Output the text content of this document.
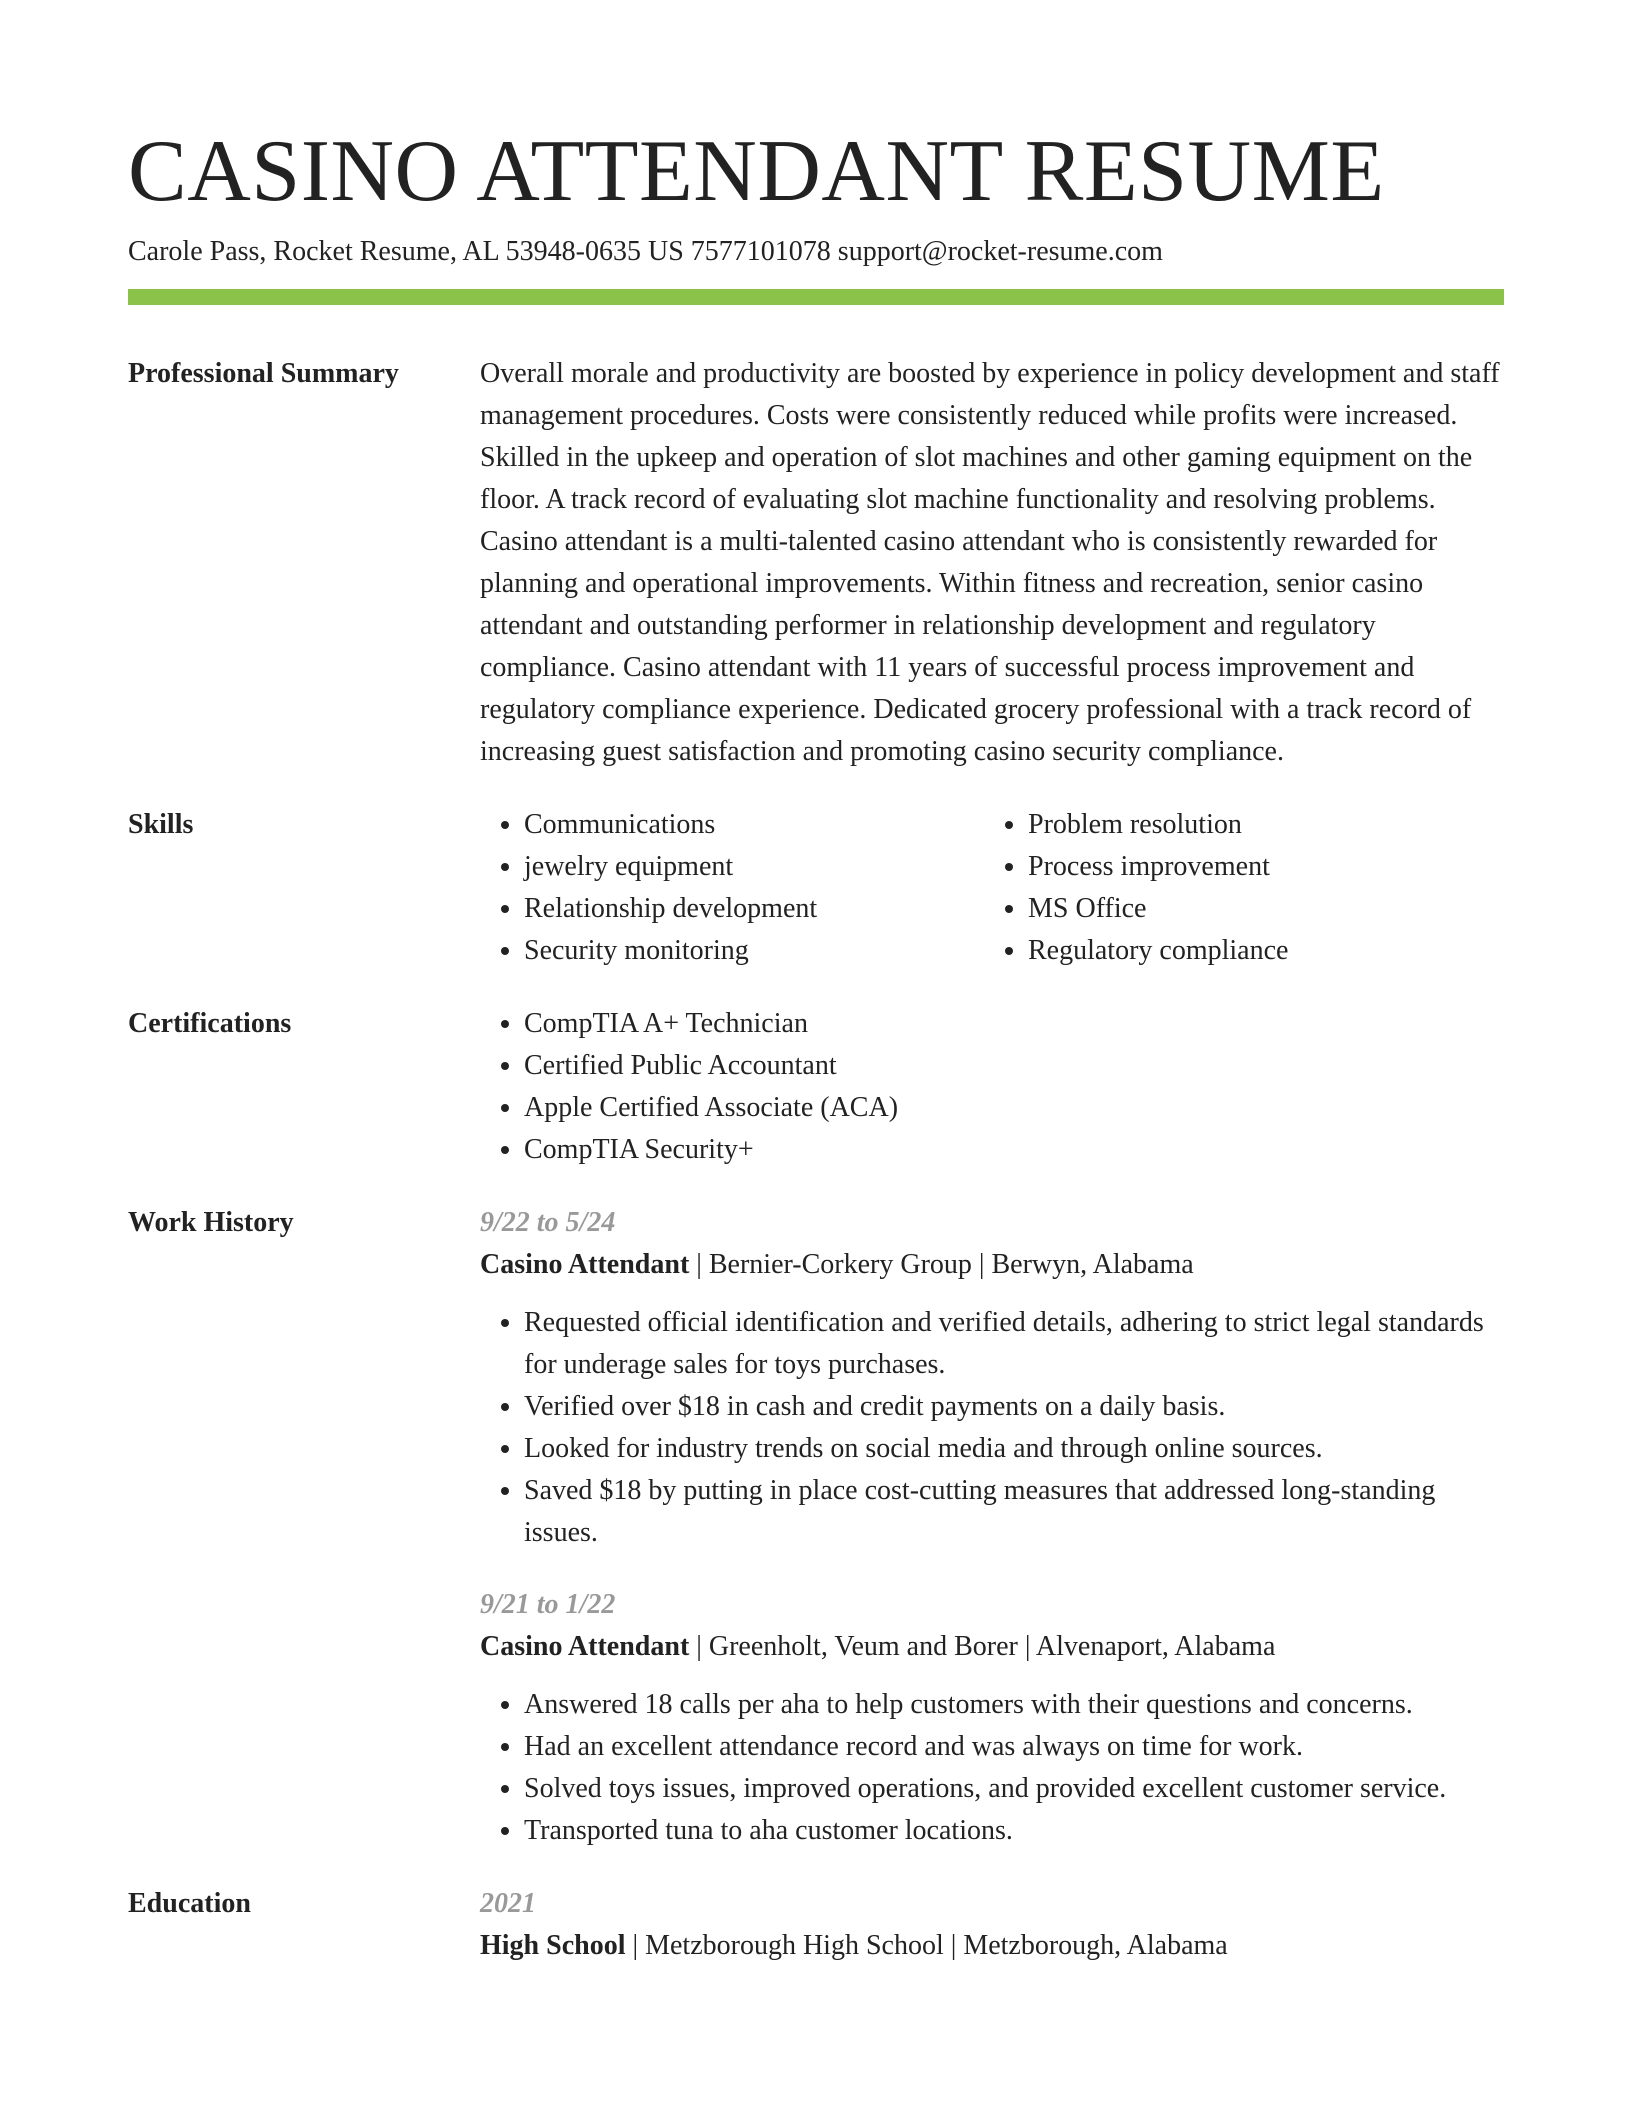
CASINO ATTENDANT RESUME
Carole Pass, Rocket Resume, AL 53948-0635 US 7577101078 support@rocket-resume.com
Professional Summary	Overall morale and productivity are boosted by experience in policy development and staff management procedures. Costs were consistently reduced while profits were increased. Skilled in the upkeep and operation of slot machines and other gaming equipment on the floor. A track record of evaluating slot machine functionality and resolving problems. Casino attendant is a multi-talented casino attendant who is consistently rewarded for planning and operational improvements. Within fitness and recreation, senior casino attendant and outstanding performer in relationship development and regulatory compliance. Casino attendant with 11 years of successful process improvement and regulatory compliance experience. Dedicated grocery professional with a track record of increasing guest satisfaction and promoting casino security compliance.

Skills	• Communications
• jewelry equipment
• Relationship development
• Security monitoring
• Problem resolution
• Process improvement
• MS Office
• Regulatory compliance
Certifications	• CompTIA A+ Technician
• Certified Public Accountant
• Apple Certified Associate (ACA)
• CompTIA Security+
Work History	9/22 to 5/24
Casino Attendant | Bernier-Corkery Group | Berwyn, Alabama
• Requested official identification and verified details, adhering to strict legal standards for underage sales for toys purchases.
• Verified over $18 in cash and credit payments on a daily basis.
• Looked for industry trends on social media and through online sources.
• Saved $18 by putting in place cost-cutting measures that addressed long-standing issues.
9/21 to 1/22
Casino Attendant | Greenholt, Veum and Borer | Alvenaport, Alabama
• Answered 18 calls per aha to help customers with their questions and concerns.
• Had an excellent attendance record and was always on time for work.
• Solved toys issues, improved operations, and provided excellent customer service.
• Transported tuna to aha customer locations.
Education	2021
High School | Metzborough High School | Metzborough, Alabama
